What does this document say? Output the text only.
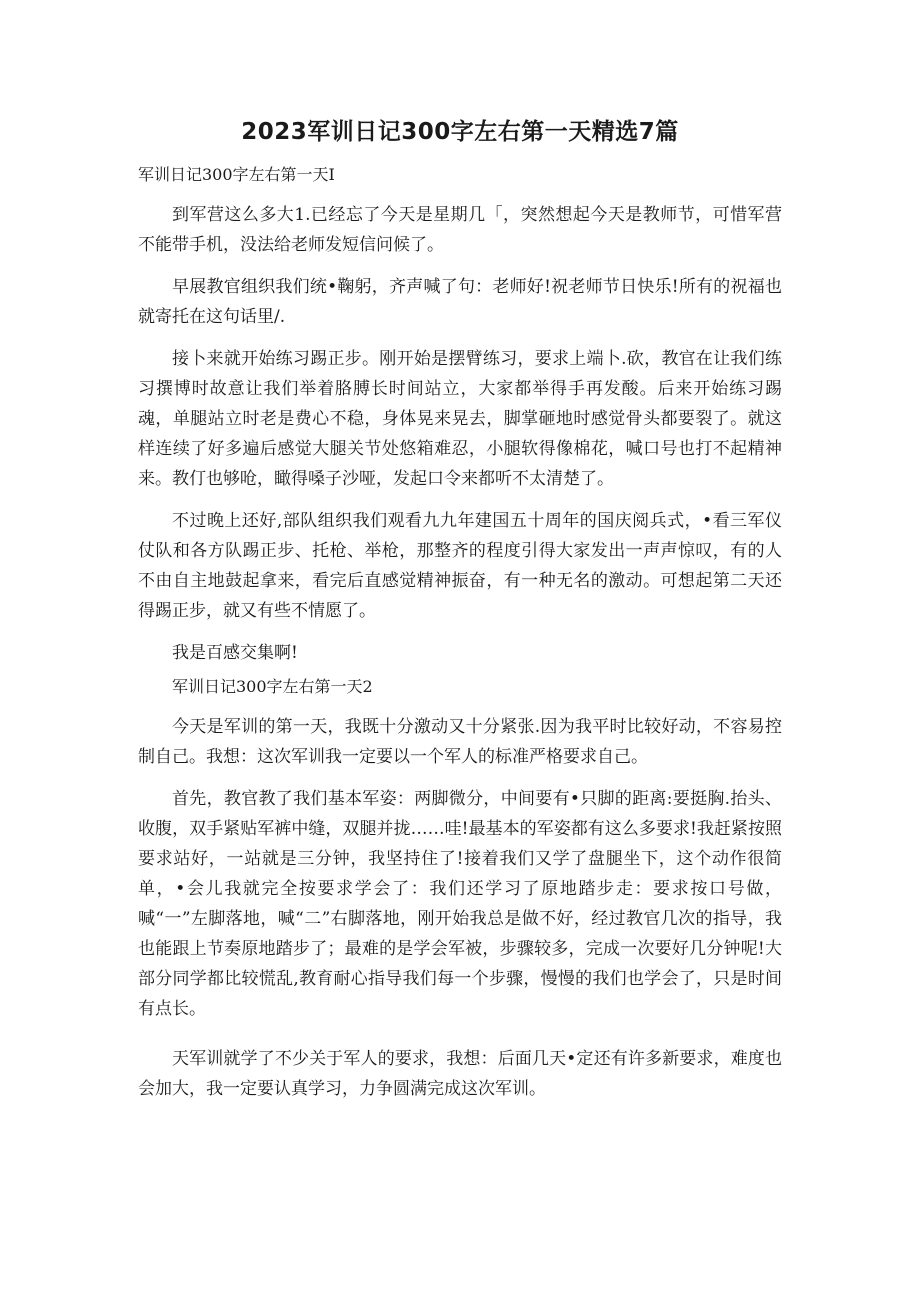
2023军训日记300字左右第一天精选7篇

军训日记300字左右第一天I

到军营这么多大1.已经忘了今天是星期几「，突然想起今天是教师节，可惜军营不能带手机，没法给老师发短信问候了。

早展教官组织我们统•鞠躬，齐声喊了句：老师好!祝老师节日快乐!所有的祝福也就寄托在这句话里/.

接卜来就开始练习踢正步。刚开始是摆臂练习，要求上端卜.砍，教官在让我们练习撰博时故意让我们举着胳膊长时间站立，大家都举得手再发酸。后来开始练习踢魂，单腿站立时老是费心不稳，身体晃来晃去，脚掌砸地时感觉骨头都要裂了。就这样连续了好多遍后感觉大腿关节处悠箱难忍，小腿软得像棉花，喊口号也打不起精神来。教仃也够呛，瞰得嗓子沙哑，发起口令来都听不太清楚了。

不过晚上还好,部队组织我们观看九九年建国五十周年的国庆阅兵式，•看三军仪仗队和各方队踢正步、托枪、举枪，那整齐的程度引得大家发出一声声惊叹，有的人不由自主地鼓起拿来，看完后直感觉精神振奋，有一种无名的激动。可想起第二天还得踢正步，就又有些不情愿了。

我是百感交集啊!

军训日记300字左右第一天2

今天是军训的第一天，我既十分激动又十分紧张.因为我平时比较好动，不容易控制自己。我想：这次军训我一定要以一个军人的标准严格要求自己。

首先，教官教了我们基本军姿：两脚微分，中间要有•只脚的距离:要挺胸.抬头、收腹，双手紧贴军裤中缝，双腿并拢……哇!最基本的军姿都有这么多要求!我赶紧按照要求站好，一站就是三分钟，我坚持住了!接着我们又学了盘腿坐下，这个动作很简单，•会儿我就完全按要求学会了：我们还学习了原地踏步走：要求按口号做，喊“一”左脚落地，喊“二”右脚落地，刚开始我总是做不好，经过教官几次的指导，我也能跟上节奏原地踏步了；最难的是学会军被，步骤较多，完成一次要好几分钟呢!大部分同学都比较慌乱,教育耐心指导我们每一个步骤，慢慢的我们也学会了，只是时间有点长。

天军训就学了不少关于军人的要求，我想：后面几天•定还有许多新要求，难度也会加大，我一定要认真学习，力争圆满完成这次军训。
